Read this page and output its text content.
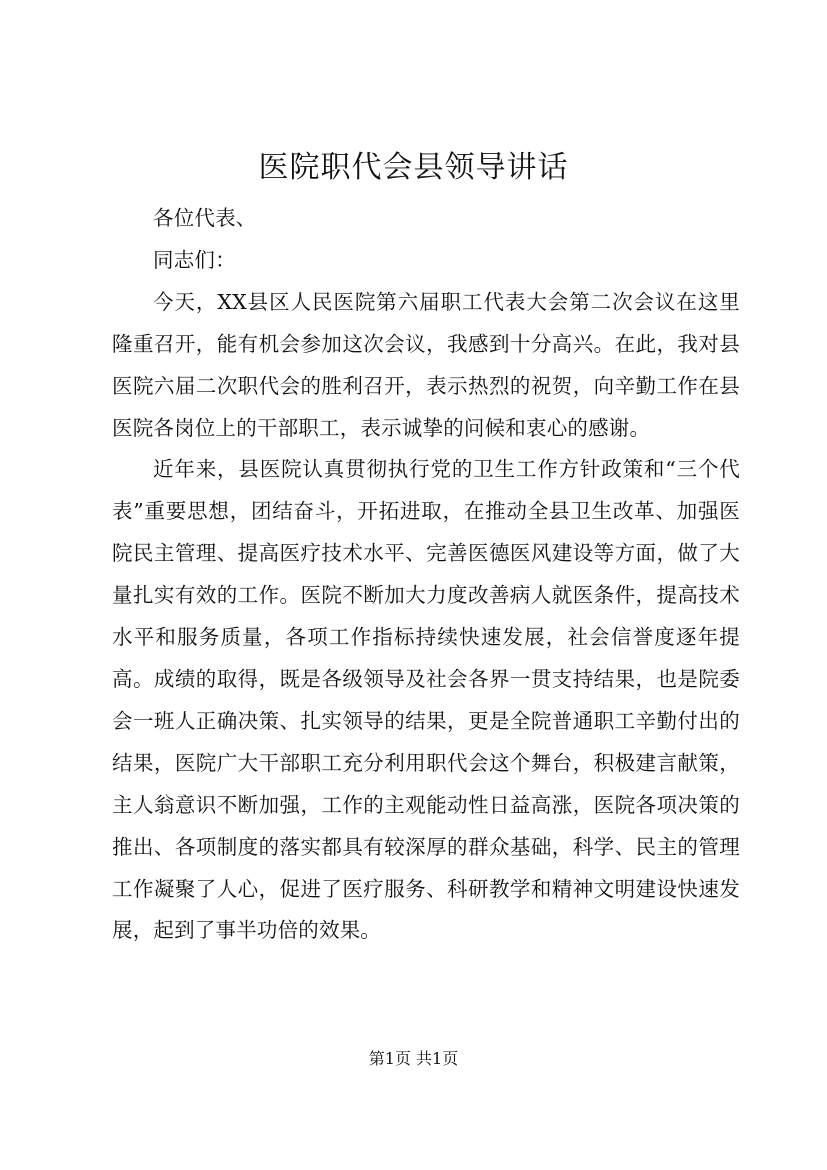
医院职代会县领导讲话

各位代表、

同志们：

今天，XX县区人民医院第六届职工代表大会第二次会议在这里隆重召开，能有机会参加这次会议，我感到十分高兴。在此，我对县医院六届二次职代会的胜利召开，表示热烈的祝贺，向辛勤工作在县医院各岗位上的干部职工，表示诚挚的问候和衷心的感谢。

近年来，县医院认真贯彻执行党的卫生工作方针政策和“三个代表”重要思想，团结奋斗，开拓进取，在推动全县卫生改革、加强医院民主管理、提高医疗技术水平、完善医德医风建设等方面，做了大量扎实有效的工作。医院不断加大力度改善病人就医条件，提高技术水平和服务质量，各项工作指标持续快速发展，社会信誉度逐年提高。成绩的取得，既是各级领导及社会各界一贯支持结果，也是院委会一班人正确决策、扎实领导的结果，更是全院普通职工辛勤付出的结果，医院广大干部职工充分利用职代会这个舞台，积极建言献策，主人翁意识不断加强，工作的主观能动性日益高涨，医院各项决策的推出、各项制度的落实都具有较深厚的群众基础，科学、民主的管理工作凝聚了人心，促进了医疗服务、科研教学和精神文明建设快速发展，起到了事半功倍的效果。

第1页 共1页
